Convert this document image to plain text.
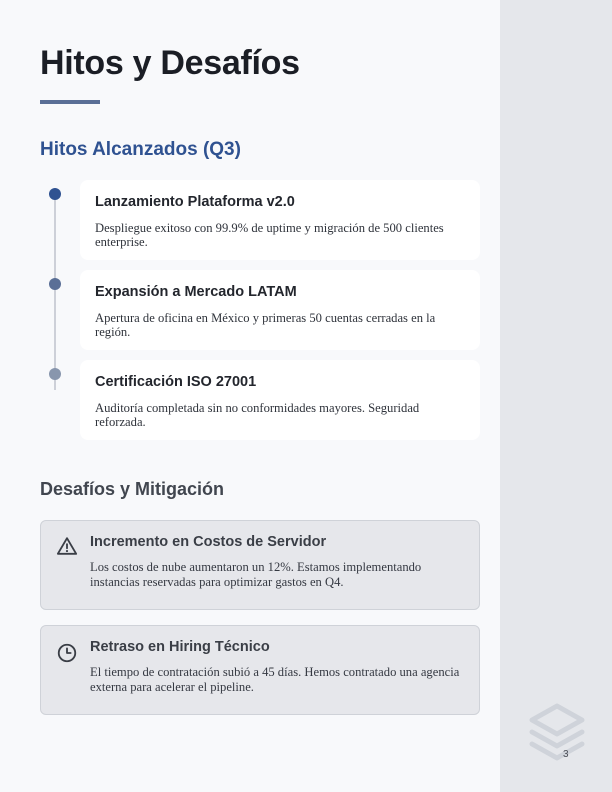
Hitos y Desafíos
Hitos Alcanzados (Q3)
Lanzamiento Plataforma v2.0
Despliegue exitoso con 99.9% de uptime y migración de 500 clientes enterprise.
Expansión a Mercado LATAM
Apertura de oficina en México y primeras 50 cuentas cerradas en la región.
Certificación ISO 27001
Auditoría completada sin no conformidades mayores. Seguridad reforzada.
Desafíos y Mitigación
Incremento en Costos de Servidor
Los costos de nube aumentaron un 12%. Estamos implementando instancias reservadas para optimizar gastos en Q4.
Retraso en Hiring Técnico
El tiempo de contratación subió a 45 días. Hemos contratado una agencia externa para acelerar el pipeline.
3
